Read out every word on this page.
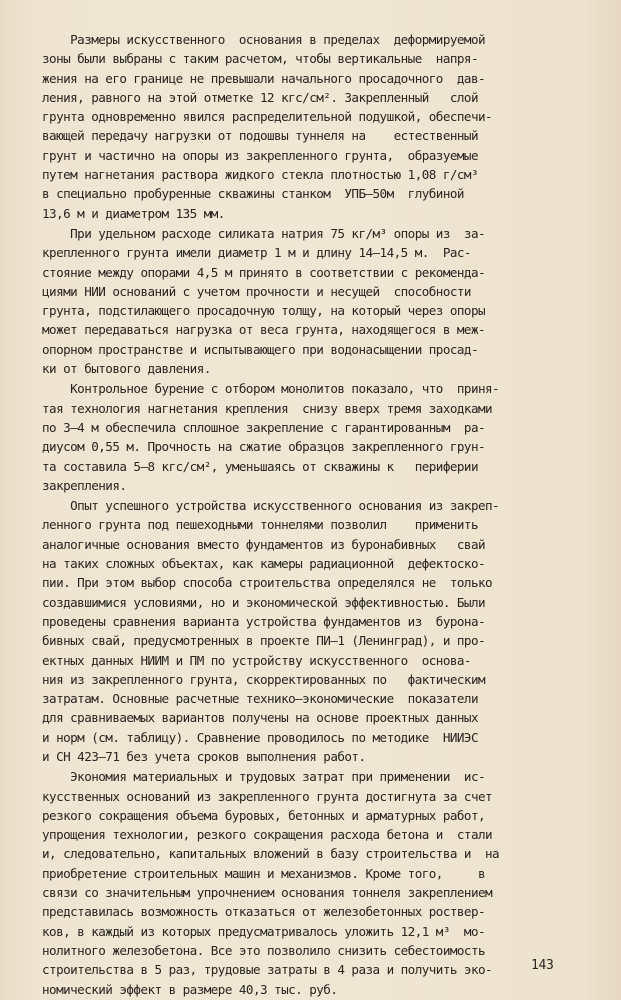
Размеры искусственного  основания в пределах  деформируемой
зоны были выбраны с таким расчетом, чтобы вертикальные  напря-
жения на его границе не превышали начального просадочного  дав-
ления, равного на этой отметке 12 кгс/см². Закрепленный   слой
грунта одновременно явился распределительной подушкой, обеспечи-
вающей передачу нагрузки от подошвы туннеля на    естественный
грунт и частично на опоры из закрепленного грунта,  образуемые
путем нагнетания раствора жидкого стекла плотностью 1,08 г/см³
в специально пробуренные скважины станком  УПБ–50м  глубиной
13,6 м и диаметром 135 мм.
При удельном расходе силиката натрия 75 кг/м³ опоры из  за-
крепленного грунта имели диаметр 1 м и длину 14–14,5 м.  Рас-
стояние между опорами 4,5 м принято в соответствии с рекоменда-
циями НИИ оснований с учетом прочности и несущей  способности
грунта, подстилающего просадочную толщу, на который через опоры
может передаваться нагрузка от веса грунта, находящегося в меж-
опорном пространстве и испытывающего при водонасыщении просад-
ки от бытового давления.
Контрольное бурение с отбором монолитов показало, что  приня-
тая технология нагнетания крепления  снизу вверх тремя заходками
по 3–4 м обеспечила сплошное закрепление с гарантированным  ра-
диусом 0,55 м. Прочность на сжатие образцов закрепленного грун-
та составила 5–8 кгс/см², уменьшаясь от скважины к   периферии
закрепления.
Опыт успешного устройства искусственного основания из закреп-
ленного грунта под пешеходными тоннелями позволил    применить
аналогичные основания вместо фундаментов из буронабивных   свай
на таких сложных объектах, как камеры радиационной  дефектоско-
пии. При этом выбор способа строительства определялся не  только
создавшимися условиями, но и экономической эффективностью. Были
проведены сравнения варианта устройства фундаментов из  бурона-
бивных свай, предусмотренных в проекте ПИ–1 (Ленинград), и про-
ектных данных НИИМ и ПМ по устройству искусственного  основа-
ния из закрепленного грунта, скорректированных по   фактическим
затратам. Основные расчетные технико–экономические  показатели
для сравниваемых вариантов получены на основе проектных данных
и норм (см. таблицу). Сравнение проводилось по методике  НИИЭС
и СН 423–71 без учета сроков выполнения работ.
Экономия материальных и трудовых затрат при применении  ис-
кусственных оснований из закрепленного грунта достигнута за счет
резкого сокращения объема буровых, бетонных и арматурных работ,
упрощения технологии, резкого сокращения расхода бетона и  стали
и, следовательно, капитальных вложений в базу строительства и  на
приобретение строительных машин и механизмов. Кроме того,     в
связи со значительным упрочнением основания тоннеля закреплением
представилась возможность отказаться от железобетонных роствер-
ков, в каждый из которых предусматривалось уложить 12,1 м³  мо-
нолитного железобетона. Все это позволило снизить себестоимость
строительства в 5 раз, трудовые затраты в 4 раза и получить эко-
номический эффект в размере 40,3 тыс. руб.
143
